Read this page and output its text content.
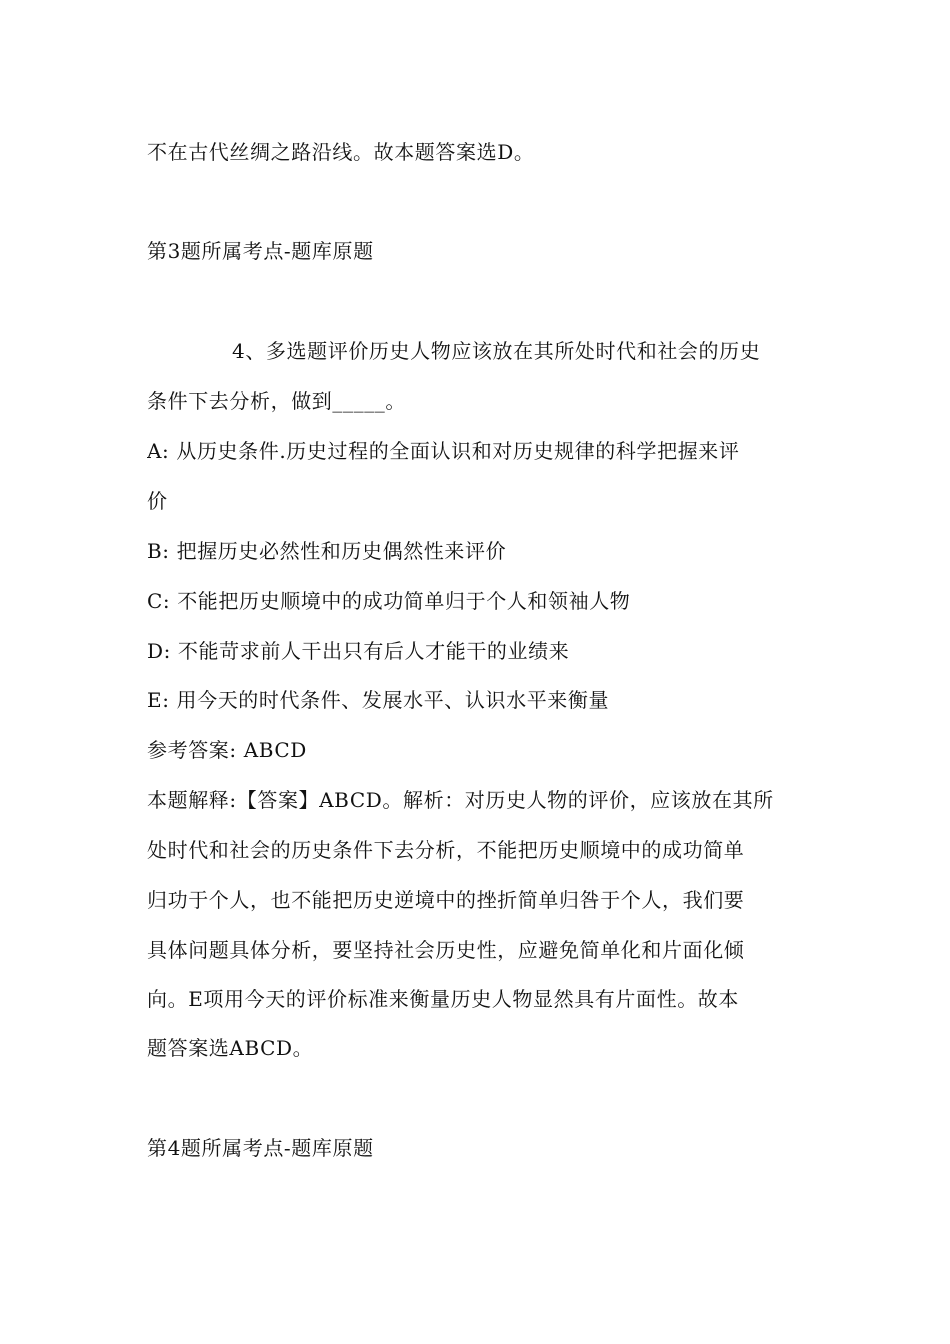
不在古代丝绸之路沿线。故本题答案选D。
第3题所属考点-题库原题
4、多选题评价历史人物应该放在其所处时代和社会的历史
条件下去分析，做到_____。
A: 从历史条件.历史过程的全面认识和对历史规律的科学把握来评
价
B: 把握历史必然性和历史偶然性来评价
C: 不能把历史顺境中的成功简单归于个人和领袖人物
D: 不能苛求前人干出只有后人才能干的业绩来
E: 用今天的时代条件、发展水平、认识水平来衡量
参考答案: ABCD
本题解释:【答案】ABCD。解析：对历史人物的评价，应该放在其所
处时代和社会的历史条件下去分析，不能把历史顺境中的成功简单
归功于个人，也不能把历史逆境中的挫折简单归咎于个人，我们要
具体问题具体分析，要坚持社会历史性，应避免简单化和片面化倾
向。E项用今天的评价标准来衡量历史人物显然具有片面性。故本
题答案选ABCD。
第4题所属考点-题库原题
